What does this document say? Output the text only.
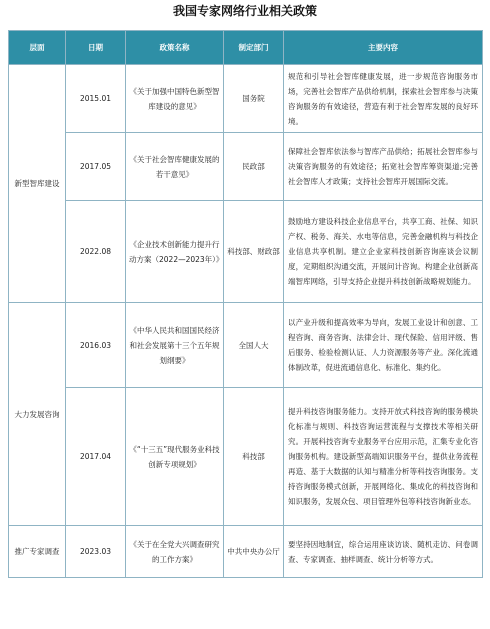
我国专家网络行业相关政策
层面	日期	政策名称	制定部门	主要内容
新型智库建设	2015.01	《关于加强中国特色新型智库建设的意见》	国务院	规范和引导社会智库健康发展，进一步规范咨询服务市场，完善社会智库产品供给机制，探索社会智库参与决策咨询服务的有效途径，营造有利于社会智库发展的良好环境。
	2017.05	《关于社会智库健康发展的若干意见》	民政部	保障社会智库依法参与智库产品供给；拓展社会智库参与决策咨询服务的有效途径；拓宽社会智库筹资渠道;完善社会智库人才政策；支持社会智库开展国际交流。
	2022.08	《企业技术创新能力提升行动方案（2022—2023年）》	科技部、财政部	鼓励地方建设科技企业信息平台，共享工商、社保、知识产权、税务、海关、水电等信息，完善金融机构与科技企业信息共享机制。建立企业家科技创新咨询座谈会议制度，定期组织沟通交流，开展问计咨询。构建企业创新高端智库网络，引导支持企业提升科技创新战略规划能力。
大力发展咨询	2016.03	《中华人民共和国国民经济和社会发展第十三个五年规划纲要》	全国人大	以产业升级和提高效率为导向，发展工业设计和创意、工程咨询、商务咨询、法律会计、现代保险、信用评级、售后服务、检验检测认证、人力资源服务等产业。深化流通体制改革，促进流通信息化、标准化、集约化。
	2017.04	《“十三五”现代服务业科技创新专项规划》	科技部	提升科技咨询服务能力。支持开放式科技咨询的服务模块化标准与规则、科技咨询运营流程与支撑技术等相关研究。开展科技咨询专业服务平台应用示范，汇集专业化咨询服务机构。建设新型高端知识服务平台，提供业务流程再造、基于大数据的认知与精准分析等科技咨询服务。支持咨询服务模式创新，开展网络化、集成化的科技咨询和知识服务，发展众包、项目管理外包等科技咨询新业态。
推广专家调查	2023.03	《关于在全党大兴调查研究的工作方案》	中共中央办公厅	要坚持因地制宜，综合运用座谈访谈、随机走访、问卷调查、专家调查、抽样调查、统计分析等方式。
